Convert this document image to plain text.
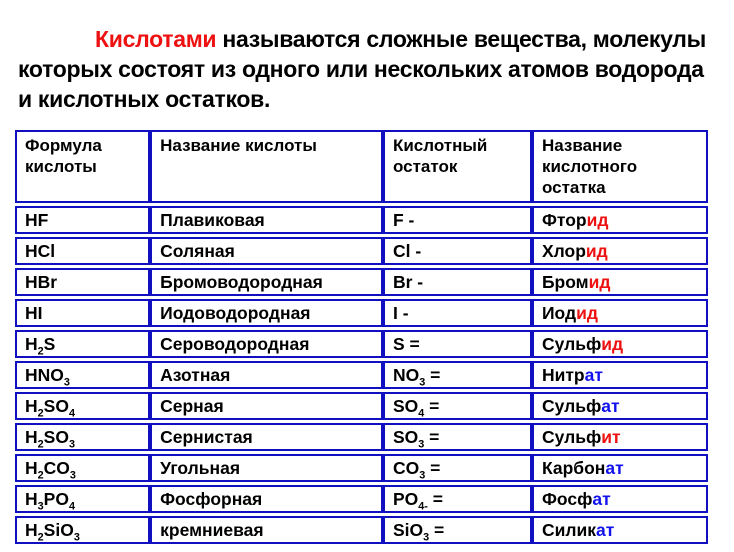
Кислотами называются сложные вещества, молекулы которых состоят из одного или нескольких атомов водорода и кислотных остатков.

Формула кислоты	Название кислоты	Кислотный остаток	Название кислотного остатка
HF	Плавиковая	F -	Фторид
HCl	Соляная	Cl -	Хлорид
HBr	Бромоводородная	Br -	Бромид
HI	Иодоводородная	I -	Иодид
$H_2S$	Сероводородная	S =	Сульфид
$HNO_3$	Азотная	$NO_3$ =	Нитрат
$H_2SO_4$	Серная	$SO_4$ =	Сульфат
$H_2SO_3$	Сернистая	$SO_3$ =	Сульфит
$H_2CO_3$	Угольная	$CO_3$ =	Карбонат
$H_3PO_4$	Фосфорная	$PO_{4-}$ =	Фосфат
$H_2SiO_3$	кремниевая	SiO$_3$ =	Силикат
